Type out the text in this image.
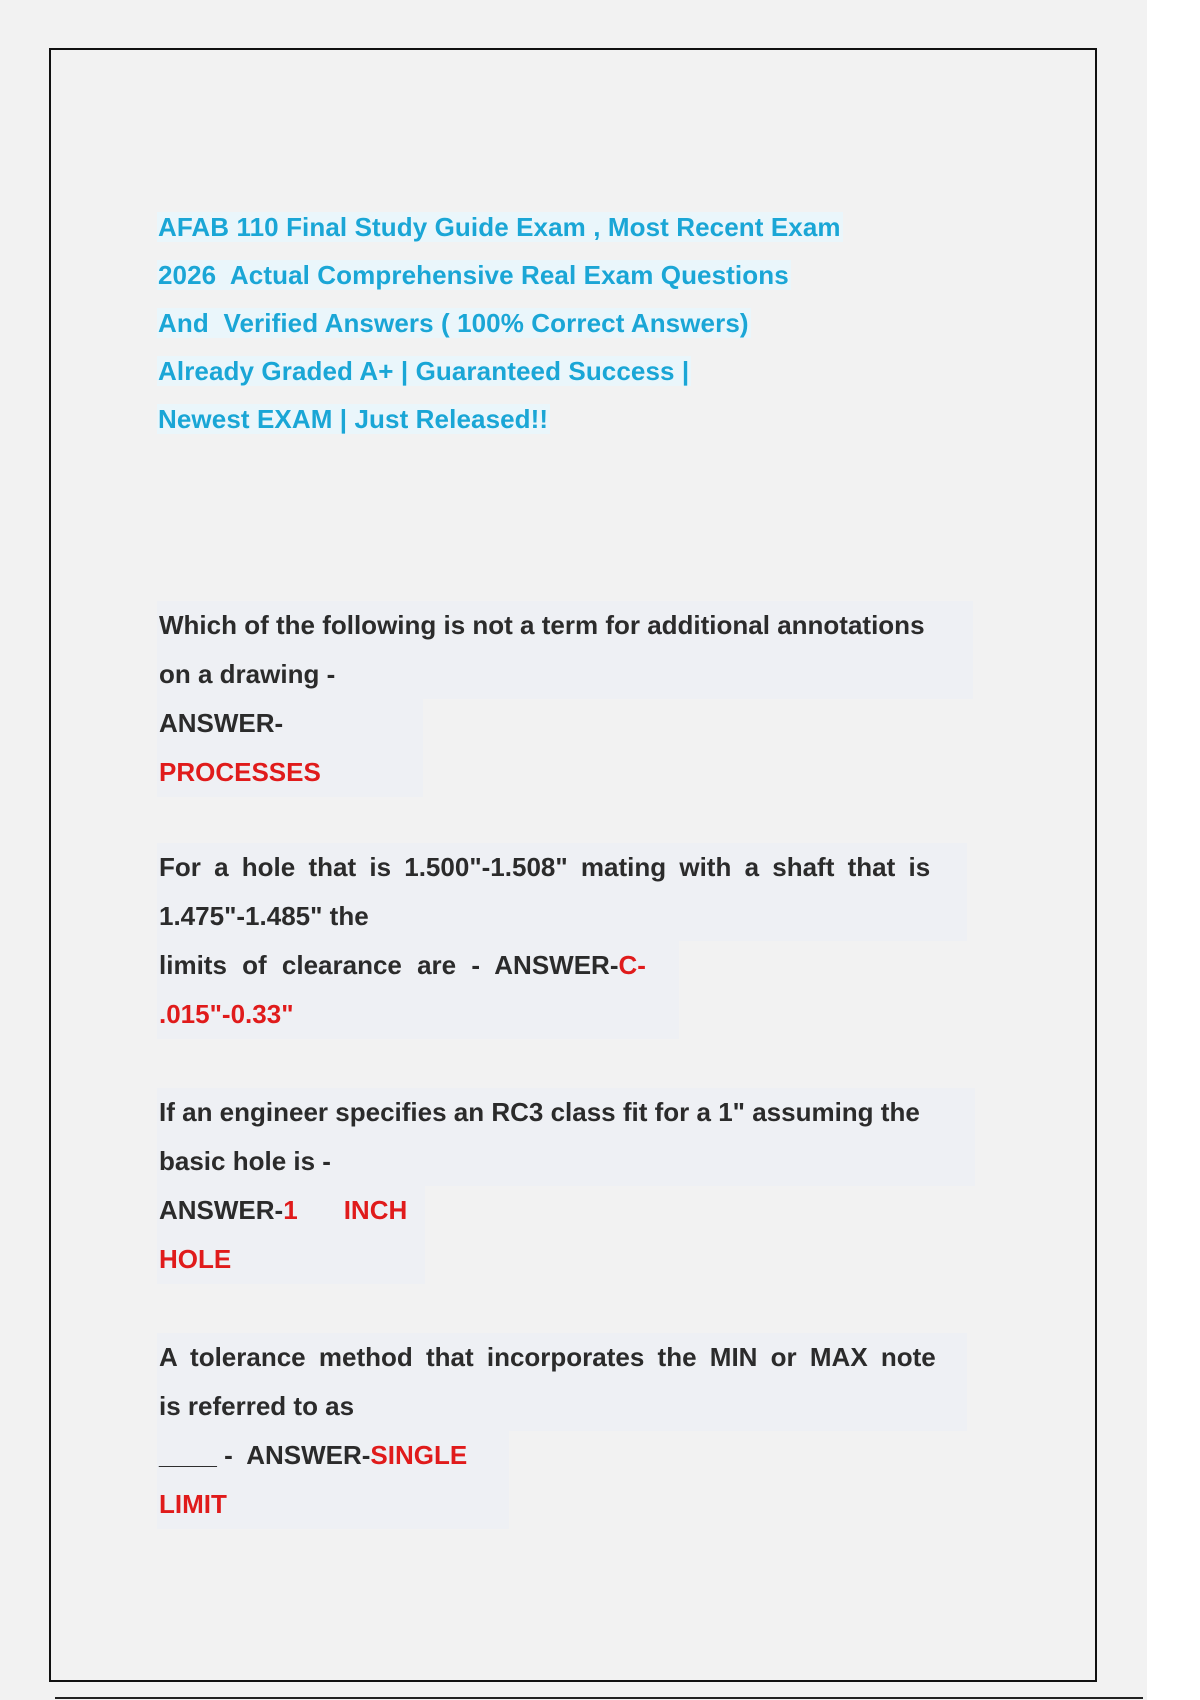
AFAB 110 Final Study Guide Exam , Most Recent Exam
2026  Actual Comprehensive Real Exam Questions
And  Verified Answers ( 100% Correct Answers)
Already Graded A+ | Guaranteed Success |
Newest EXAM | Just Released!!
Which of the following is not a term for additional annotations
on a drawing -
ANSWER-
PROCESSES
For a hole that is 1.500"-1.508" mating with a shaft that is
1.475"-1.485" the
limits of clearance are - ANSWER-C-
.015"-0.33"
If an engineer specifies an RC3 class fit for a 1" assuming the
basic hole is -
ANSWER-1 INCH
HOLE
A tolerance method that incorporates the MIN or MAX note
is referred to as
____ -  ANSWER-SINGLE
LIMIT
